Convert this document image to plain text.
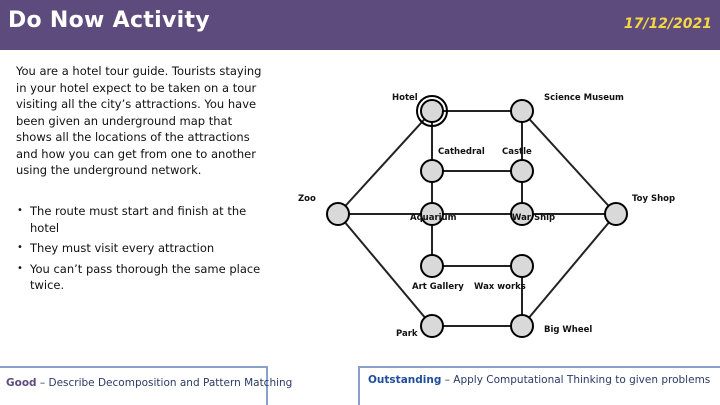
Do Now Activity	17/12/2021
You are a hotel tour guide. Tourists staying in your hotel expect to be taken on a tour visiting all the city’s attractions. You have been given an underground map that shows all the locations of the attractions and how you can get from one to another using the underground network.
• The route must start and finish at the hotel
• They must visit every attraction
• You can’t pass thorough the same place twice.
Hotel	Science Museum
Cathedral Castle
Zoo	Toy Shop
Aquarium	War Ship
Art Gallery Wax works
Park	Big Wheel
Good – Describe Decomposition and Pattern Matching	Outstanding – Apply Computational Thinking to given problems
